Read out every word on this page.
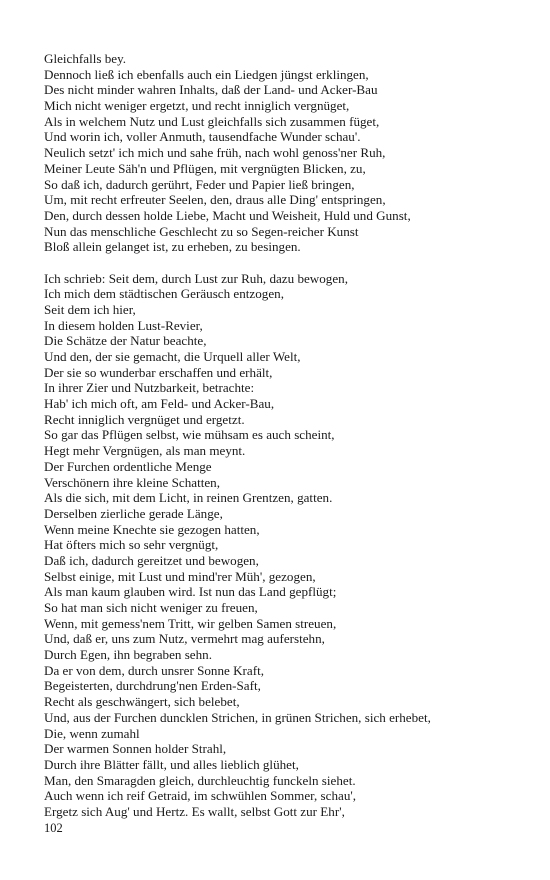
Gleichfalls bey.
Dennoch ließ ich ebenfalls auch ein Liedgen jüngst erklingen,
Des nicht minder wahren Inhalts, daß der Land- und Acker-Bau
Mich nicht weniger ergetzt, und recht inniglich vergnüget,
Als in welchem Nutz und Lust gleichfalls sich zusammen füget,
Und worin ich, voller Anmuth, tausendfache Wunder schau'.
Neulich setzt' ich mich und sahe früh, nach wohl genoss'ner Ruh,
Meiner Leute Säh'n und Pflügen, mit vergnügten Blicken, zu,
So daß ich, dadurch gerührt, Feder und Papier ließ bringen,
Um, mit recht erfreuter Seelen, den, draus alle Ding' entspringen,
Den, durch dessen holde Liebe, Macht und Weisheit, Huld und Gunst,
Nun das menschliche Geschlecht zu so Segen-reicher Kunst
Bloß allein gelanget ist, zu erheben, zu besingen.
Ich schrieb: Seit dem, durch Lust zur Ruh, dazu bewogen,
Ich mich dem städtischen Geräusch entzogen,
Seit dem ich hier,
In diesem holden Lust-Revier,
Die Schätze der Natur beachte,
Und den, der sie gemacht, die Urquell aller Welt,
Der sie so wunderbar erschaffen und erhält,
In ihrer Zier und Nutzbarkeit, betrachte:
Hab' ich mich oft, am Feld- und Acker-Bau,
Recht inniglich vergnüget und ergetzt.
So gar das Pflügen selbst, wie mühsam es auch scheint,
Hegt mehr Vergnügen, als man meynt.
Der Furchen ordentliche Menge
Verschönern ihre kleine Schatten,
Als die sich, mit dem Licht, in reinen Grentzen, gatten.
Derselben zierliche gerade Länge,
Wenn meine Knechte sie gezogen hatten,
Hat öfters mich so sehr vergnügt,
Daß ich, dadurch gereitzet und bewogen,
Selbst einige, mit Lust und mind'rer Müh', gezogen,
Als man kaum glauben wird. Ist nun das Land gepflügt;
So hat man sich nicht weniger zu freuen,
Wenn, mit gemess'nem Tritt, wir gelben Samen streuen,
Und, daß er, uns zum Nutz, vermehrt mag auferstehn,
Durch Egen, ihn begraben sehn.
Da er von dem, durch unsrer Sonne Kraft,
Begeisterten, durchdrung'nen Erden-Saft,
Recht als geschwängert, sich belebet,
Und, aus der Furchen duncklen Strichen, in grünen Strichen, sich erhebet,
Die, wenn zumahl
Der warmen Sonnen holder Strahl,
Durch ihre Blätter fällt, und alles lieblich glühet,
Man, den Smaragden gleich, durchleuchtig funckeln siehet.
Auch wenn ich reif Getraid, im schwühlen Sommer, schau',
Ergetz sich Aug' und Hertz. Es wallt, selbst Gott zur Ehr',
102
